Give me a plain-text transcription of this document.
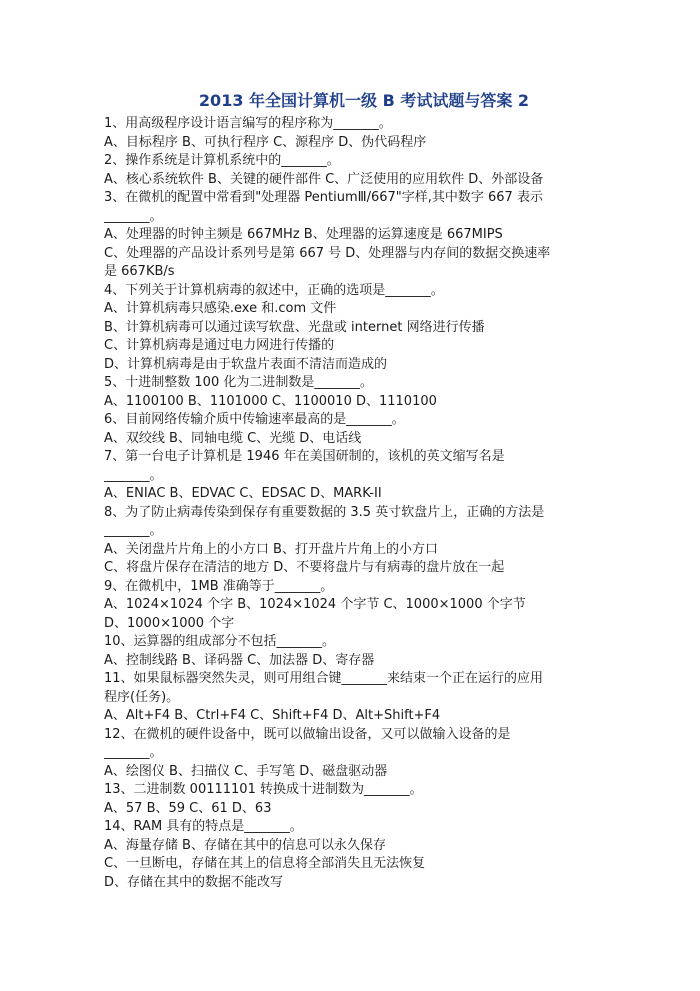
2013 年全国计算机一级 B 考试试题与答案 2
1、用高级程序设计语言编写的程序称为_______。
A、目标程序 B、可执行程序 C、源程序 D、伪代码程序
2、操作系统是计算机系统中的_______。
A、核心系统软件 B、关键的硬件部件 C、广泛使用的应用软件 D、外部设备
3、在微机的配置中常看到"处理器 PentiumⅢ/667"字样,其中数字 667 表示
_______。
A、处理器的时钟主频是 667MHz B、处理器的运算速度是 667MIPS
C、处理器的产品设计系列号是第 667 号 D、处理器与内存间的数据交换速率
是 667KB/s
4、下列关于计算机病毒的叙述中，正确的选项是_______。
A、计算机病毒只感染.exe 和.com 文件
B、计算机病毒可以通过读写软盘、光盘或 internet 网络进行传播
C、计算机病毒是通过电力网进行传播的
D、计算机病毒是由于软盘片表面不清洁而造成的
5、十进制整数 100 化为二进制数是_______。
A、1100100 B、1101000 C、1100010 D、1110100
6、目前网络传输介质中传输速率最高的是_______。
A、双绞线 B、同轴电缆 C、光缆 D、电话线
7、第一台电子计算机是 1946 年在美国研制的，该机的英文缩写名是
_______。
A、ENIAC B、EDVAC C、EDSAC D、MARK-II
8、为了防止病毒传染到保存有重要数据的 3.5 英寸软盘片上，正确的方法是
_______。
A、关闭盘片片角上的小方口 B、打开盘片片角上的小方口
C、将盘片保存在清洁的地方 D、不要将盘片与有病毒的盘片放在一起
9、在微机中，1MB 准确等于_______。
A、1024×1024 个字 B、1024×1024 个字节 C、1000×1000 个字节
D、1000×1000 个字
10、运算器的组成部分不包括_______。
A、控制线路 B、译码器 C、加法器 D、寄存器
11、如果鼠标器突然失灵，则可用组合键_______来结束一个正在运行的应用
程序(任务)。
A、Alt+F4 B、Ctrl+F4 C、Shift+F4 D、Alt+Shift+F4
12、在微机的硬件设备中，既可以做输出设备，又可以做输入设备的是
_______。
A、绘图仪 B、扫描仪 C、手写笔 D、磁盘驱动器
13、二进制数 00111101 转换成十进制数为_______。
A、57 B、59 C、61 D、63
14、RAM 具有的特点是_______。
A、海量存储 B、存储在其中的信息可以永久保存
C、一旦断电，存储在其上的信息将全部消失且无法恢复
D、存储在其中的数据不能改写
